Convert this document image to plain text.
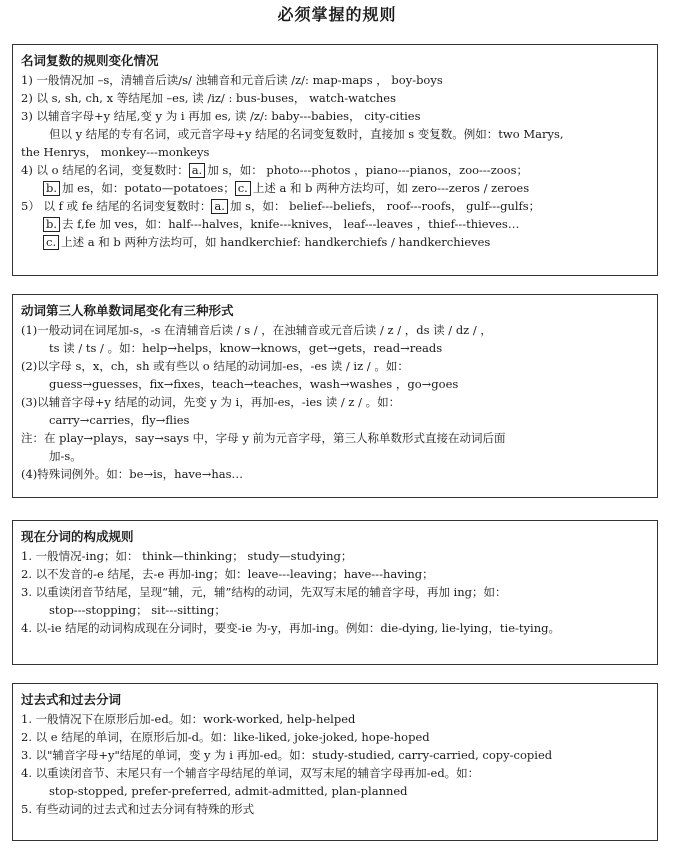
必须掌握的规则
名词复数的规则变化情况
1) 一般情况加 –s，清辅音后读/s/ 浊辅音和元音后读 /z/: map-maps ， boy-boys
2) 以 s, sh, ch, x 等结尾加 –es, 读 /iz/ : bus-buses， watch-watches
3) 以辅音字母+y 结尾,变 y 为 i 再加 es, 读 /z/: baby---babies， city-cities
但以 y 结尾的专有名词，或元音字母+y 结尾的名词变复数时，直接加 s 变复数。例如：two Marys,
the Henrys， monkey---monkeys
4) 以 o 结尾的名词，变复数时： a. 加 s，如： photo---photos ，piano---pianos，zoo---zoos；
b. 加 es，如：potato—potatoes； c. 上述 a 和 b 两种方法均可，如 zero---zeros / zeroes
5） 以 f 或 fe 结尾的名词变复数时： a. 加 s，如： belief---beliefs， roof---roofs， gulf---gulfs；
b. 去 f,fe 加 ves，如：half---halves，knife---knives， leaf---leaves ，thief---thieves…
c. 上述 a 和 b 两种方法均可，如 handkerchief: handkerchiefs / handkerchieves
动词第三人称单数词尾变化有三种形式
(1)一般动词在词尾加-s，-s 在清辅音后读 / s / ，在浊辅音或元音后读 / z / ，ds 读 / dz / ，
ts 读 / ts / 。如：help→helps，know→knows，get→gets，read→reads
(2)以字母 s，x，ch，sh 或有些以 o 结尾的动词加-es，-es 读 / iz / 。如：
guess→guesses，fix→fixes，teach→teaches，wash→washes ，go→goes
(3)以辅音字母+y 结尾的动词，先变 y 为 i，再加-es，-ies 读 / z / 。如：
carry→carries，fly→flies
注：在 play→plays，say→says 中，字母 y 前为元音字母，第三人称单数形式直接在动词后面
加-s。
(4)特殊词例外。如：be→is，have→has…
现在分词的构成规则
1. 一般情况-ing；如： think—thinking； study—studying；
2. 以不发音的-e 结尾，去-e 再加-ing；如：leave---leaving；have---having；
3. 以重读闭音节结尾，呈现“辅，元，辅”结构的动词，先双写末尾的辅音字母，再加 ing；如：
stop---stopping； sit---sitting；
4. 以-ie 结尾的动词构成现在分词时，要变-ie 为-y，再加-ing。例如：die-dying, lie-lying，tie-tying。
过去式和过去分词
1. 一般情况下在原形后加-ed。如：work-worked, help-helped
2. 以 e 结尾的单词，在原形后加-d。如：like-liked, joke-joked, hope-hoped
3. 以"辅音字母+y"结尾的单词，变 y 为 i 再加-ed。如：study-studied, carry-carried, copy-copied
4. 以重读闭音节、末尾只有一个辅音字母结尾的单词，双写末尾的辅音字母再加-ed。如：
stop-stopped, prefer-preferred, admit-admitted, plan-planned
5. 有些动词的过去式和过去分词有特殊的形式
